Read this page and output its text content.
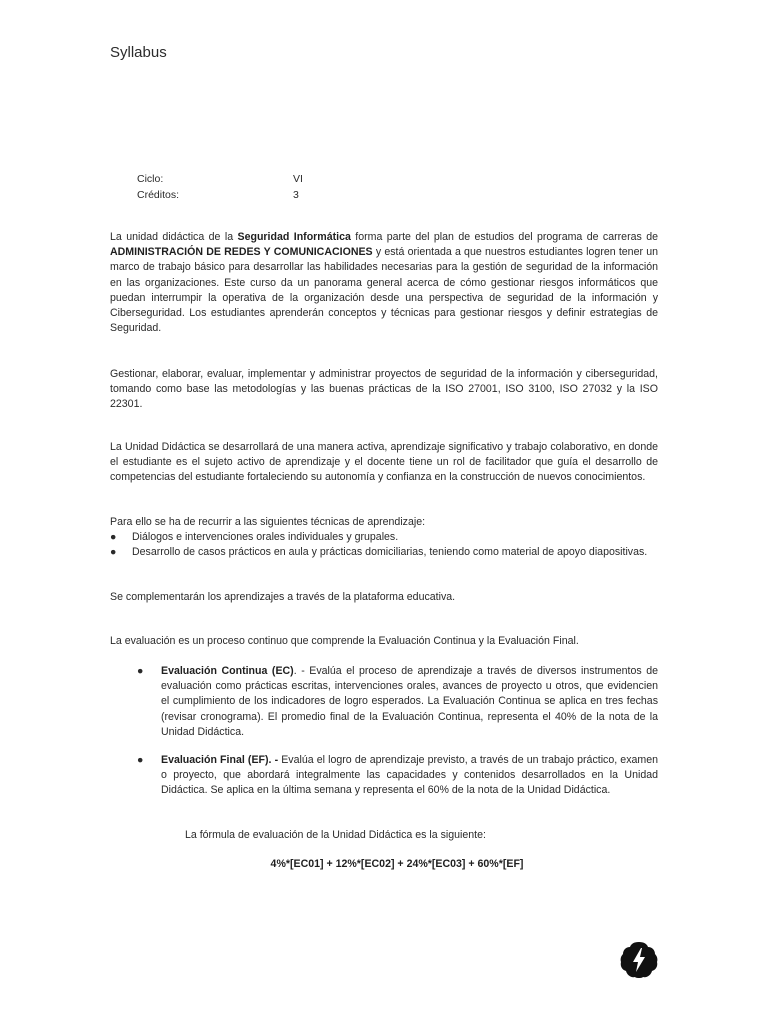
Syllabus
Ciclo:	VI
Créditos:	3
La unidad didáctica de la Seguridad Informática forma parte del plan de estudios del programa de carreras de ADMINISTRACIÓN DE REDES Y COMUNICACIONES y está orientada a que nuestros estudiantes logren tener un marco de trabajo básico para desarrollar las habilidades necesarias para la gestión de seguridad de la información en las organizaciones. Este curso da un panorama general acerca de cómo gestionar riesgos informáticos que puedan interrumpir la operativa de la organización desde una perspectiva de seguridad de la información y Ciberseguridad. Los estudiantes aprenderán conceptos y técnicas para gestionar riesgos y definir estrategias de Seguridad.
Gestionar, elaborar, evaluar, implementar y administrar proyectos de seguridad de la información y ciberseguridad, tomando como base las metodologías y las buenas prácticas de la ISO 27001, ISO 3100, ISO 27032 y la ISO 22301.
La Unidad Didáctica se desarrollará de una manera activa, aprendizaje significativo y trabajo colaborativo, en donde el estudiante es el sujeto activo de aprendizaje y el docente tiene un rol de facilitador que guía el desarrollo de competencias del estudiante fortaleciendo su autonomía y confianza en la construcción de nuevos conocimientos.
Para ello se ha de recurrir a las siguientes técnicas de aprendizaje:
●	Diálogos e intervenciones orales individuales y grupales.
●	Desarrollo de casos prácticos en aula y prácticas domiciliarias, teniendo como material de apoyo diapositivas.
Se complementarán los aprendizajes a través de la plataforma educativa.
La evaluación es un proceso continuo que comprende la Evaluación Continua y la Evaluación Final.
●	Evaluación Continua (EC). - Evalúa el proceso de aprendizaje a través de diversos instrumentos de evaluación como prácticas escritas, intervenciones orales, avances de proyecto u otros, que evidencien el cumplimiento de los indicadores de logro esperados. La Evaluación Continua se aplica en tres fechas (revisar cronograma). El promedio final de la Evaluación Continua, representa el 40% de la nota de la Unidad Didáctica.
●	Evaluación Final (EF). - Evalúa el logro de aprendizaje previsto, a través de un trabajo práctico, examen o proyecto, que abordará integralmente las capacidades y contenidos desarrollados en la Unidad Didáctica. Se aplica en la última semana y representa el 60% de la nota de la Unidad Didáctica.
La fórmula de evaluación de la Unidad Didáctica es la siguiente:
4%*[EC01] + 12%*[EC02] + 24%*[EC03] + 60%*[EF]
